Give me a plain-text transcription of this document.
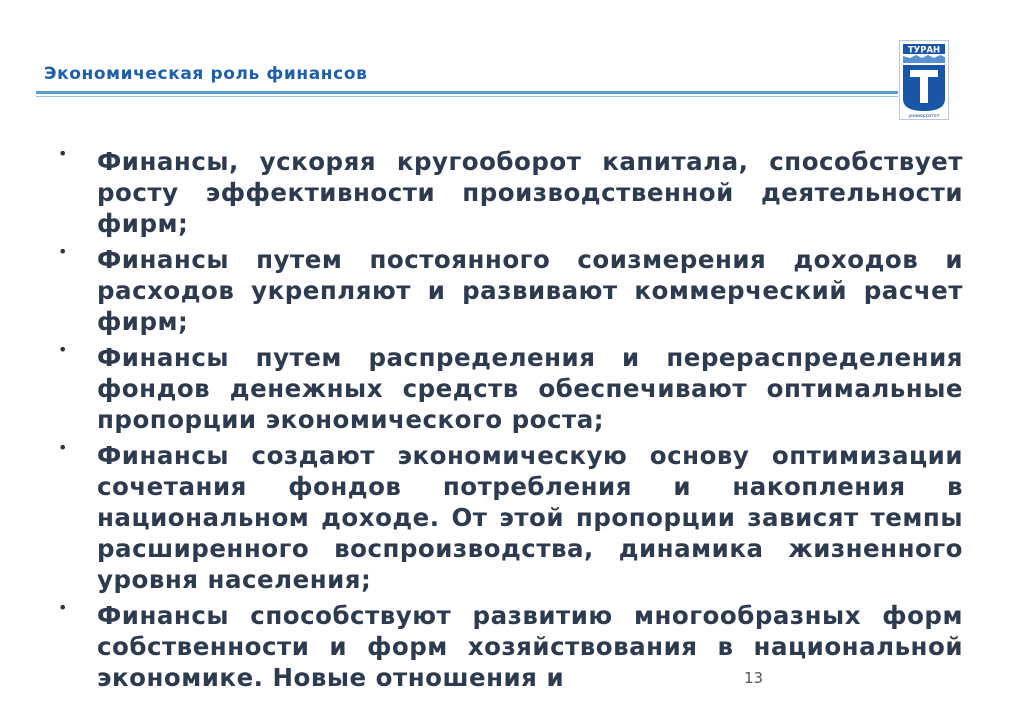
Экономическая роль финансов
ТУРАН
университет
• Финансы, ускоряя кругооборот капитала, способствует росту эффективности производственной деятельности фирм;
• Финансы путем постоянного соизмерения доходов и расходов укрепляют и развивают коммерческий расчет фирм;
• Финансы путем распределения и перераспределения фондов денежных средств обеспечивают оптимальные пропорции экономического роста;
• Финансы создают экономическую основу оптимизации сочетания фондов потребления и накопления в национальном доходе. От этой пропорции зависят темпы расширенного воспроизводства, динамика жизненного уровня населения;
• Финансы способствуют развитию многообразных форм собственности и форм хозяйствования в национальной экономике. Новые отношения и	13
